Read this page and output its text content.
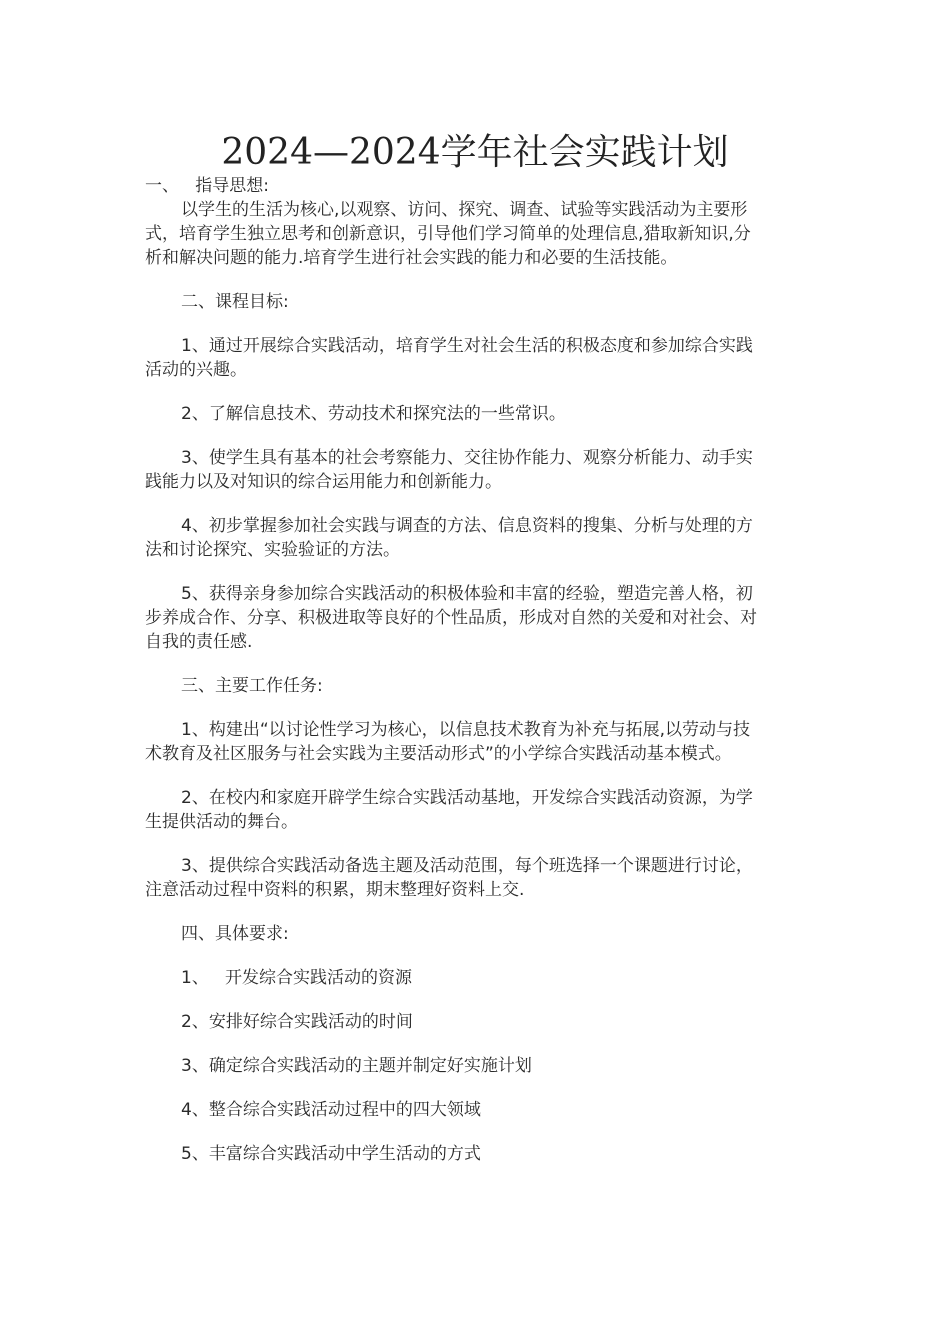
2024—2024学年社会实践计划
一、   指导思想:
以学生的生活为核心,以观察、访问、探究、调查、试验等实践活动为主要形
式，培育学生独立思考和创新意识，引导他们学习简单的处理信息,猎取新知识,分
析和解决问题的能力.培育学生进行社会实践的能力和必要的生活技能。
二、课程目标:
1、通过开展综合实践活动，培育学生对社会生活的积极态度和参加综合实践
活动的兴趣。
2、了解信息技术、劳动技术和探究法的一些常识。
3、使学生具有基本的社会考察能力、交往协作能力、观察分析能力、动手实
践能力以及对知识的综合运用能力和创新能力。
4、初步掌握参加社会实践与调查的方法、信息资料的搜集、分析与处理的方
法和讨论探究、实验验证的方法。
5、获得亲身参加综合实践活动的积极体验和丰富的经验，塑造完善人格，初
步养成合作、分享、积极进取等良好的个性品质，形成对自然的关爱和对社会、对
自我的责任感.
三、主要工作任务:
1、构建出“以讨论性学习为核心，以信息技术教育为补充与拓展,以劳动与技
术教育及社区服务与社会实践为主要活动形式”的小学综合实践活动基本模式。
2、在校内和家庭开辟学生综合实践活动基地，开发综合实践活动资源，为学
生提供活动的舞台。
3、提供综合实践活动备选主题及活动范围，每个班选择一个课题进行讨论，
注意活动过程中资料的积累，期末整理好资料上交.
四、具体要求:
1、   开发综合实践活动的资源
2、安排好综合实践活动的时间
3、确定综合实践活动的主题并制定好实施计划
4、整合综合实践活动过程中的四大领域
5、丰富综合实践活动中学生活动的方式
